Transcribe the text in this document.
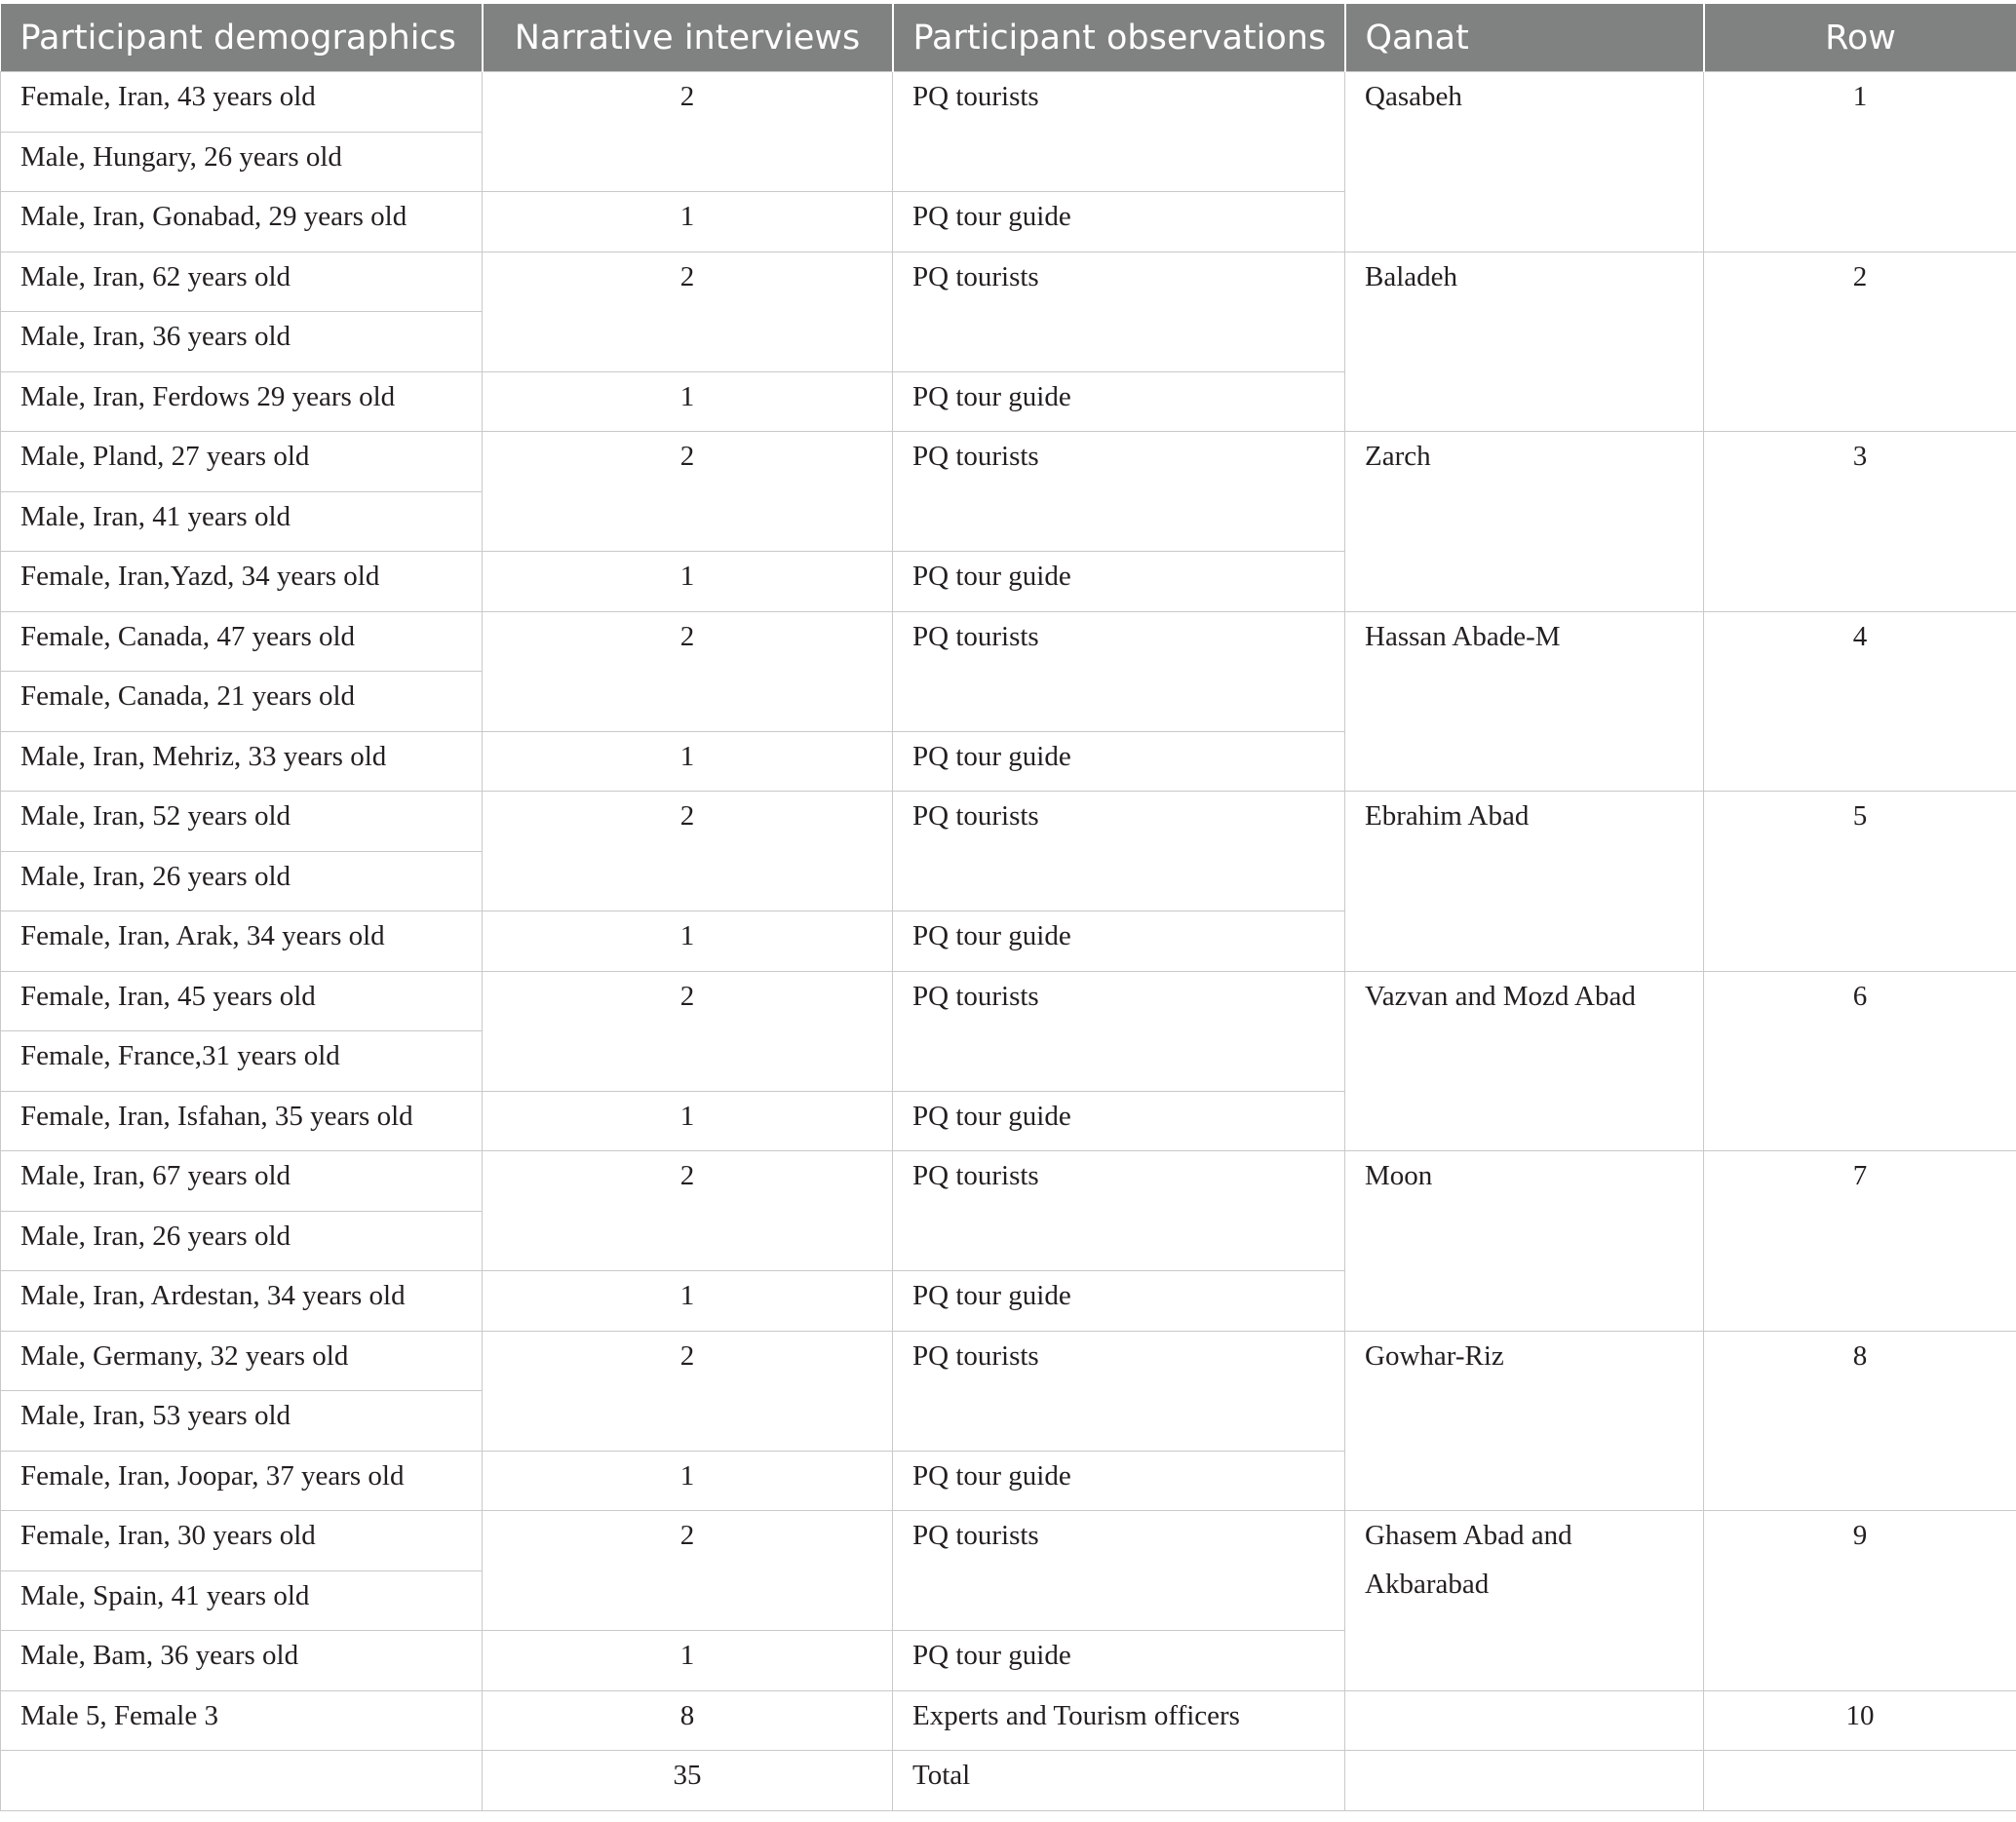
Participant demographics	Narrative interviews	Participant observations	Qanat	Row
Female, Iran, 43 years old	2	PQ tourists	Qasabeh	1
Male, Hungary, 26 years old				
Male, Iran, Gonabad, 29 years old	1	PQ tour guide		
Male, Iran, 62 years old	2	PQ tourists	Baladeh	2
Male, Iran, 36 years old				
Male, Iran, Ferdows 29 years old	1	PQ tour guide		
Male, Pland, 27 years old	2	PQ tourists	Zarch	3
Male, Iran, 41 years old				
Female, Iran,Yazd, 34 years old	1	PQ tour guide		
Female, Canada, 47 years old	2	PQ tourists	Hassan Abade-M	4
Female, Canada, 21 years old				
Male, Iran, Mehriz, 33 years old	1	PQ tour guide		
Male, Iran, 52 years old	2	PQ tourists	Ebrahim Abad	5
Male, Iran, 26 years old				
Female, Iran, Arak, 34 years old	1	PQ tour guide		
Female, Iran, 45 years old	2	PQ tourists	Vazvan and Mozd Abad	6
Female, France,31 years old				
Female, Iran, Isfahan, 35 years old	1	PQ tour guide		
Male, Iran, 67 years old	2	PQ tourists	Moon	7
Male, Iran, 26 years old				
Male, Iran, Ardestan, 34 years old	1	PQ tour guide		
Male, Germany, 32 years old	2	PQ tourists	Gowhar-Riz	8
Male, Iran, 53 years old				
Female, Iran, Joopar, 37 years old	1	PQ tour guide		
Female, Iran, 30 years old	2	PQ tourists	Ghasem Abad and Akbarabad	9
Male, Spain, 41 years old				
Male, Bam, 36 years old	1	PQ tour guide		
Male 5, Female 3	8	Experts and Tourism officers		10
	35	Total		
